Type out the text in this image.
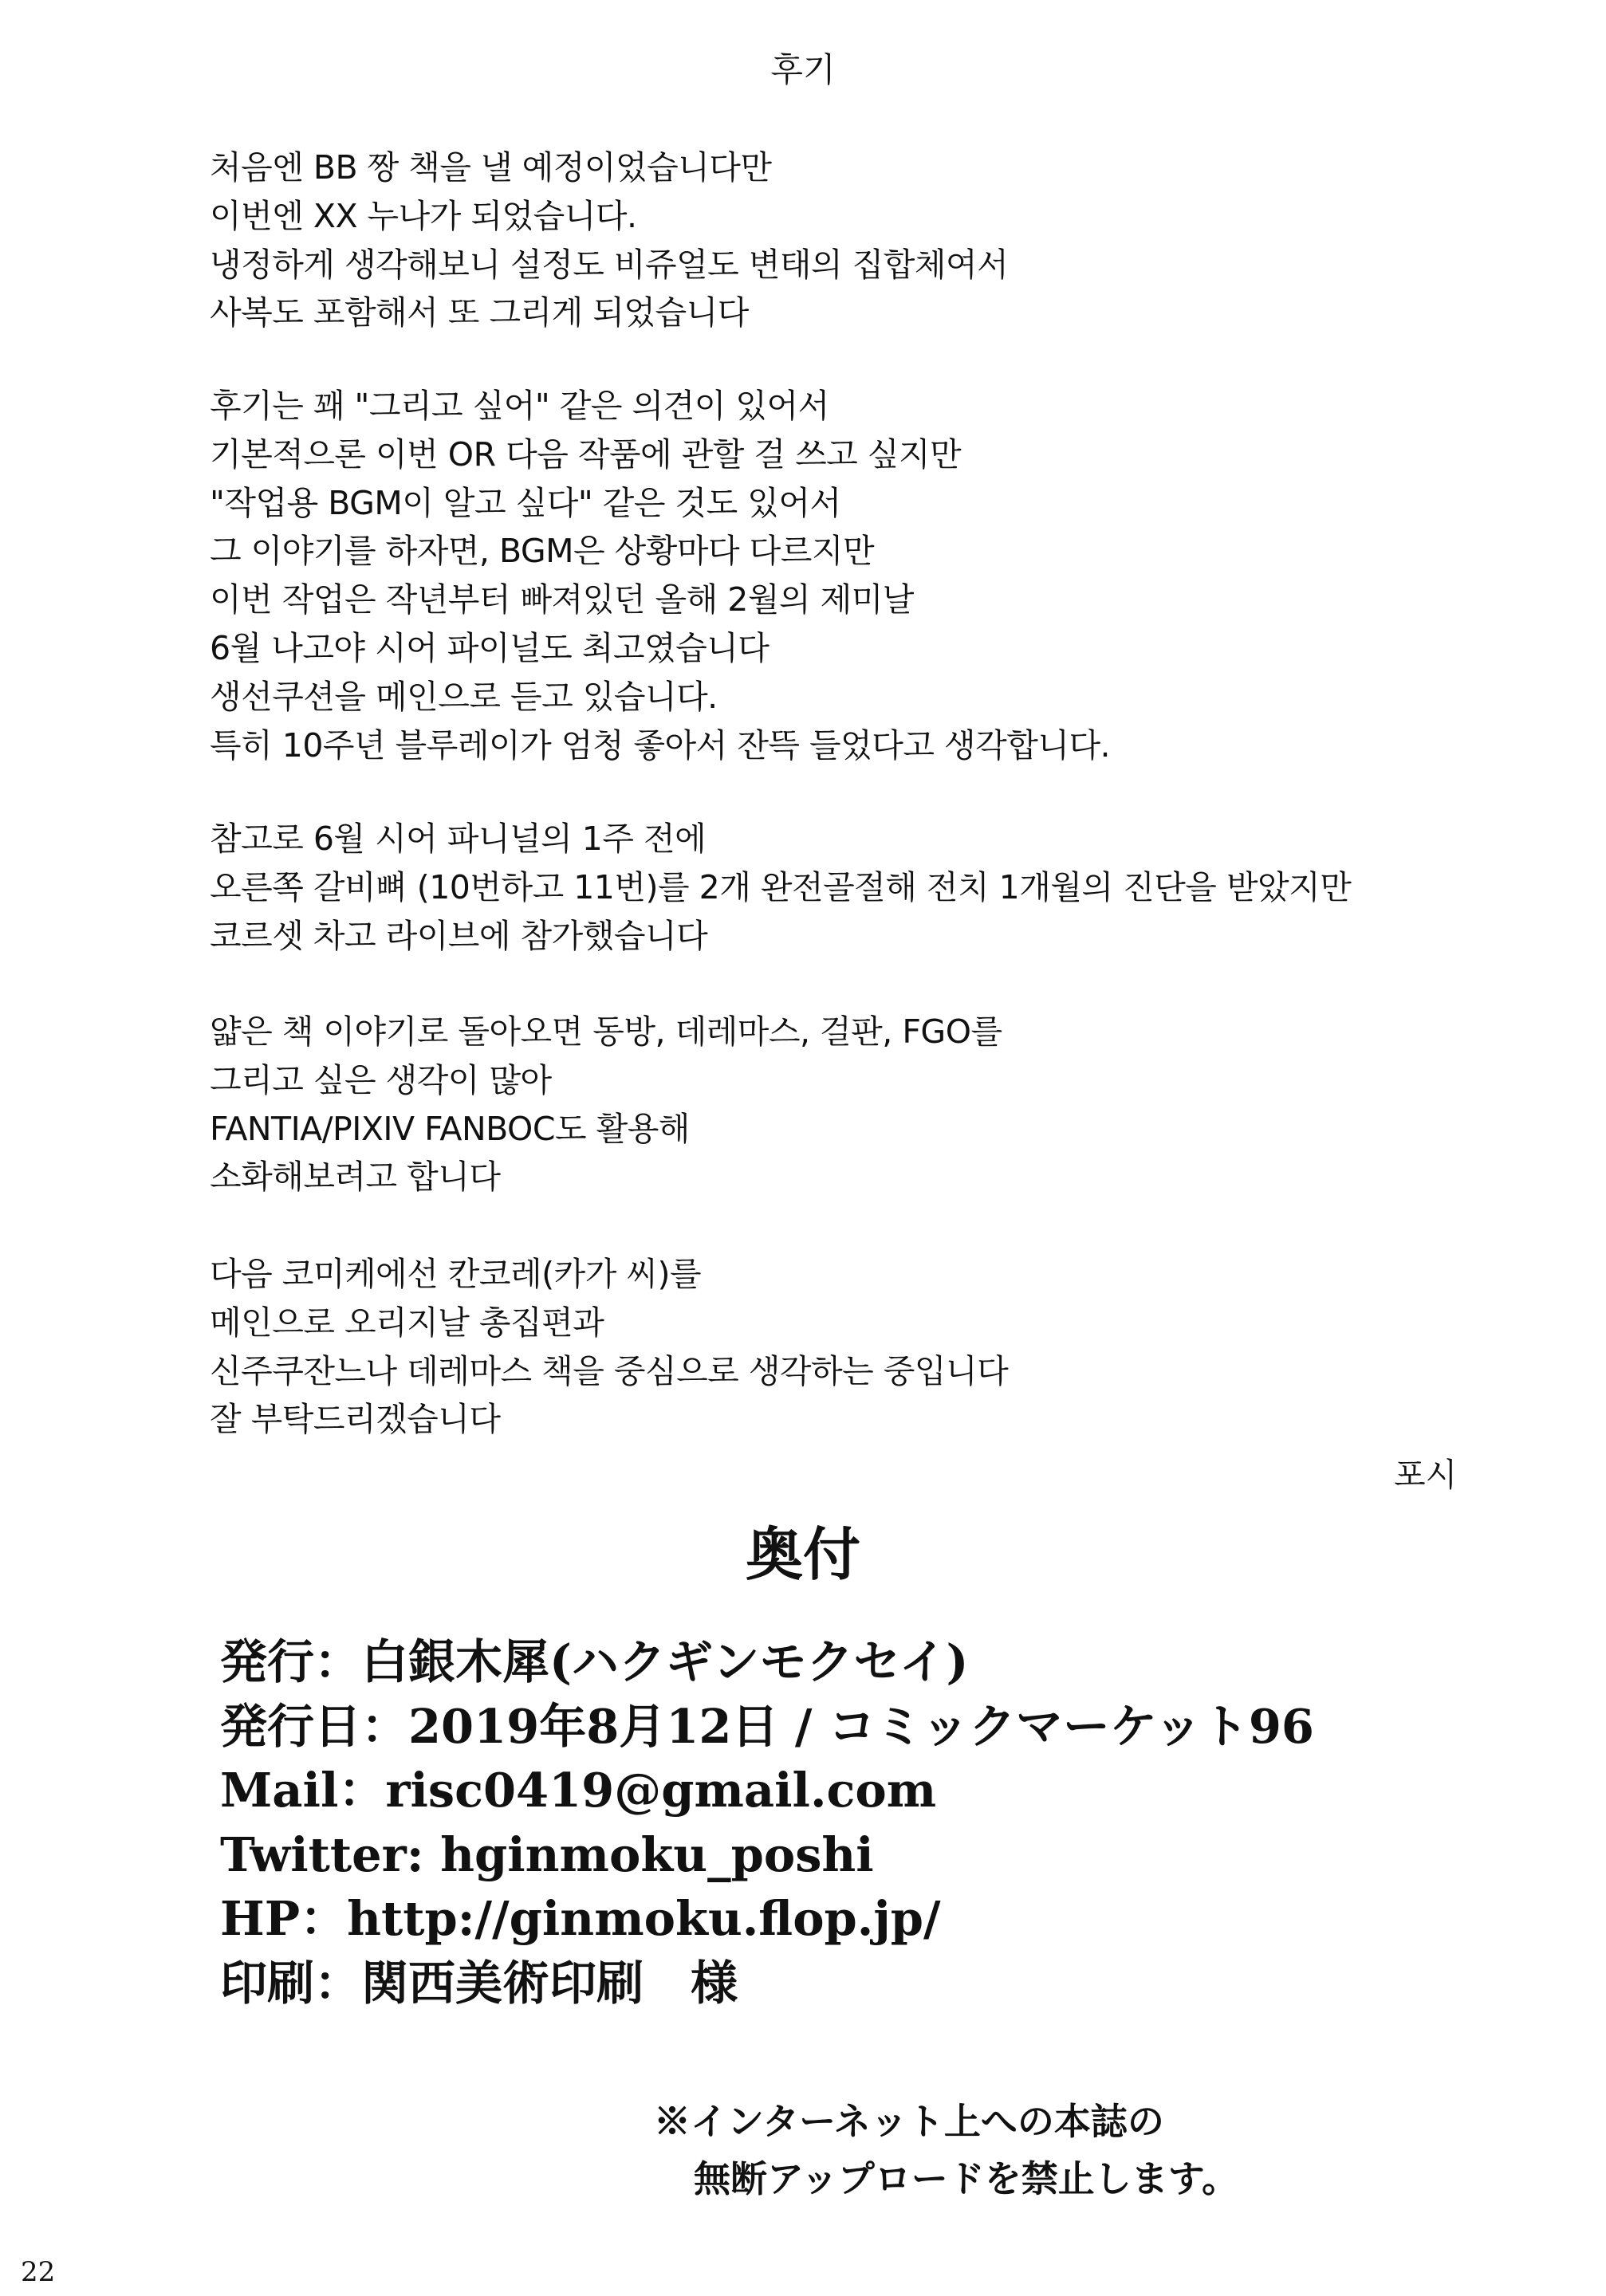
후기
처음엔 BB 짱 책을 낼 예정이었습니다만
이번엔 XX 누나가 되었습니다.
냉정하게 생각해보니 설정도 비쥬얼도 변태의 집합체여서
사복도 포함해서 또 그리게 되었습니다
후기는 꽤 "그리고 싶어" 같은 의견이 있어서
기본적으론 이번 OR 다음 작품에 관할 걸 쓰고 싶지만
"작업용 BGM이 알고 싶다" 같은 것도 있어서
그 이야기를 하자면, BGM은 상황마다 다르지만
이번 작업은 작년부터 빠져있던 올해 2월의 제미날
6월 나고야 시어 파이널도 최고였습니다
생선쿠션을 메인으로 듣고 있습니다.
특히 10주년 블루레이가 엄청 좋아서 잔뜩 들었다고 생각합니다.
참고로 6월 시어 파니널의 1주 전에
오른쪽 갈비뼈 (10번하고 11번)를 2개 완전골절해 전치 1개월의 진단을 받았지만
코르셋 차고 라이브에 참가했습니다
얇은 책 이야기로 돌아오면 동방, 데레마스, 걸판, FGO를
그리고 싶은 생각이 많아
FANTIA/PIXIV FANBOC도 활용해
소화해보려고 합니다
다음 코미케에선 칸코레(카가 씨)를
메인으로 오리지날 총집편과
신주쿠잔느나 데레마스 책을 중심으로 생각하는 중입니다
잘 부탁드리겠습니다
포시
奥付
発行：白銀木犀(ハクギンモクセイ)
発行日：2019年8月12日 / コミックマーケット96
Mail：risc0419@gmail.com
Twitter: hginmoku_poshi
HP：http://ginmoku.flop.jp/
印刷：関西美術印刷　様
※インターネット上への本誌の
無断アップロードを禁止します。
22
